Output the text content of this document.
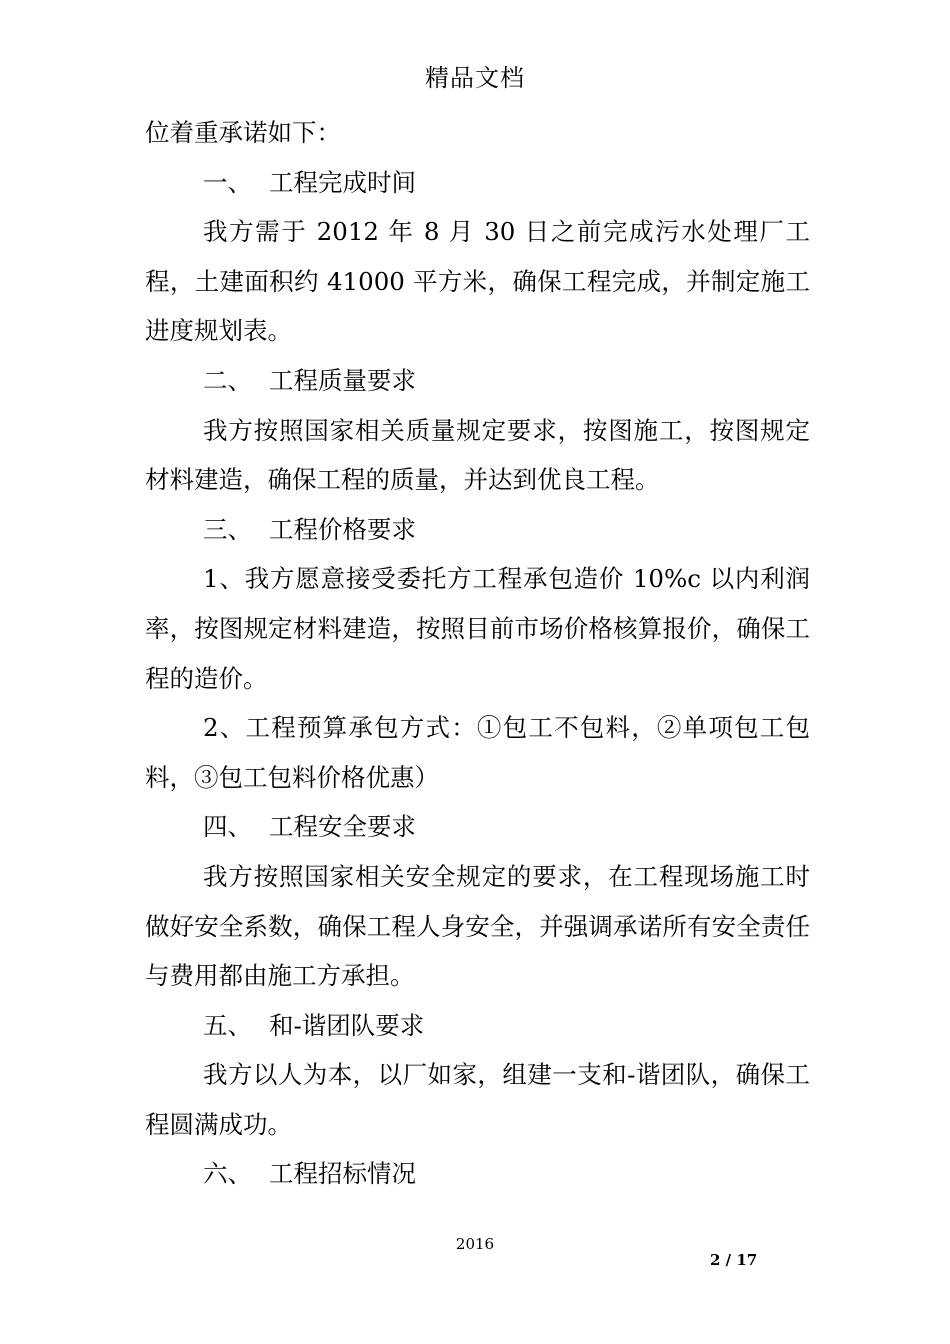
精品文档

位着重承诺如下：

一、 工程完成时间

我方需于 2012 年 8 月 30 日之前完成污水处理厂工程，土建面积约 41000 平方米，确保工程完成，并制定施工进度规划表。

二、 工程质量要求

我方按照国家相关质量规定要求，按图施工，按图规定材料建造，确保工程的质量，并达到优良工程。

三、 工程价格要求

1、我方愿意接受委托方工程承包造价 10%c 以内利润率，按图规定材料建造，按照目前市场价格核算报价，确保工程的造价。

2、工程预算承包方式：①包工不包料，②单项包工包料，③包工包料价格优惠）

四、 工程安全要求

我方按照国家相关安全规定的要求，在工程现场施工时做好安全系数，确保工程人身安全，并强调承诺所有安全责任与费用都由施工方承担。

五、 和-谐团队要求

我方以人为本，以厂如家，组建一支和-谐团队，确保工程圆满成功。

六、 工程招标情况

2016
2 / 17
